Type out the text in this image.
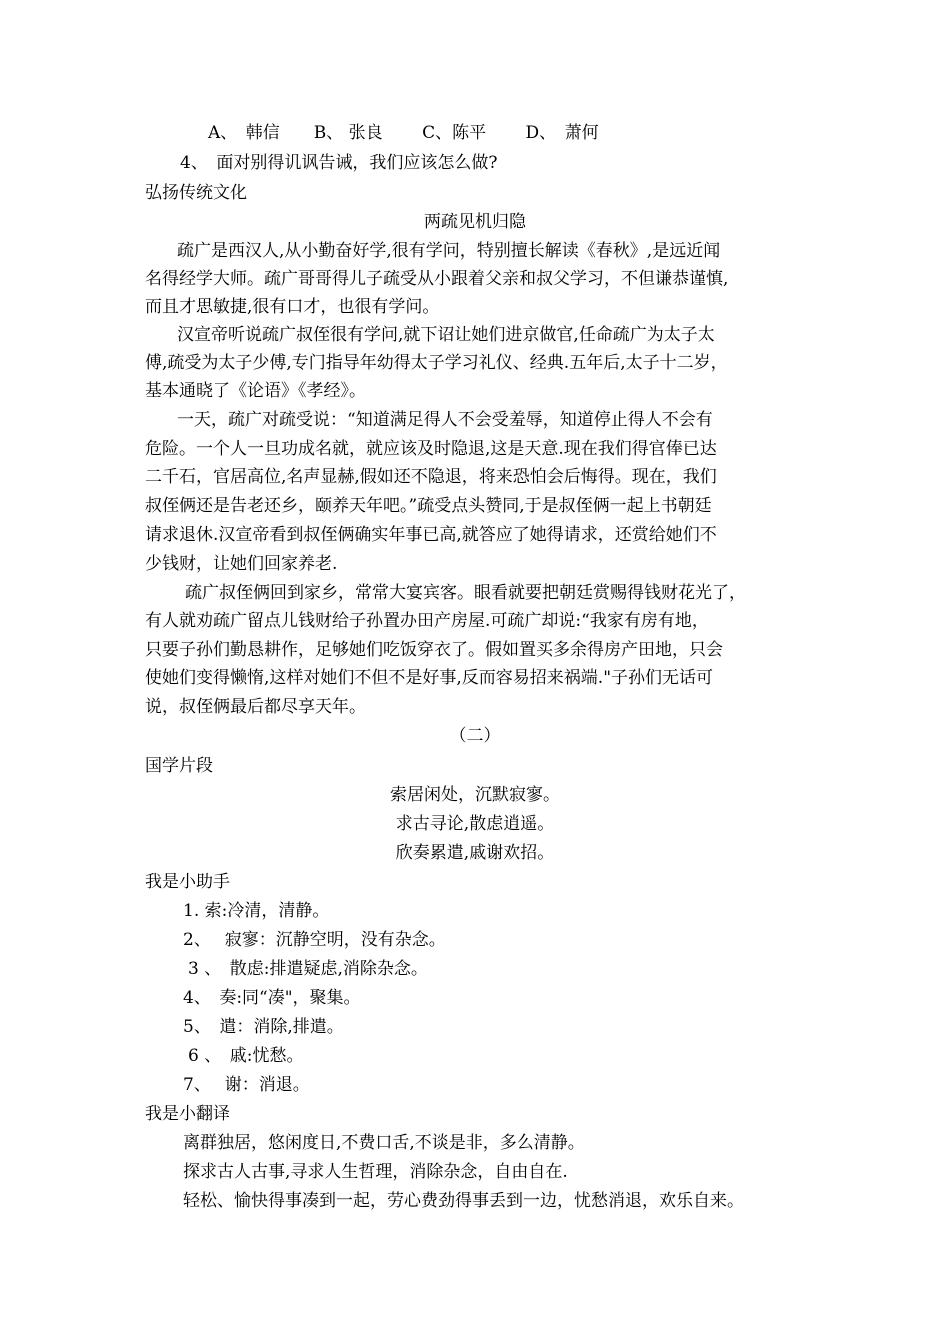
A、　韩信　　B、 张良　　 C、陈平　　 D、　萧何
4、　面对别得讥讽告诫，我们应该怎么做?
弘扬传统文化
两疏见机归隐
疏广是西汉人,从小勤奋好学,很有学问，特别擅长解读《春秋》,是远近闻
名得经学大师。疏广哥哥得儿子疏受从小跟着父亲和叔父学习，不但谦恭谨慎,
而且才思敏捷,很有口才，也很有学问。
汉宣帝听说疏广叔侄很有学问,就下诏让她们进京做官,任命疏广为太子太
傅,疏受为太子少傅,专门指导年幼得太子学习礼仪、经典.五年后,太子十二岁，
基本通晓了《论语》《孝经》。
一天，疏广对疏受说：“知道满足得人不会受羞辱，知道停止得人不会有
危险。一个人一旦功成名就，就应该及时隐退,这是天意.现在我们得官俸已达
二千石，官居高位,名声显赫,假如还不隐退，将来恐怕会后悔得。现在，我们
叔侄俩还是告老还乡，颐养天年吧。”疏受点头赞同,于是叔侄俩一起上书朝廷
请求退休.汉宣帝看到叔侄俩确实年事已高,就答应了她得请求，还赏给她们不
少钱财，让她们回家养老.
疏广叔侄俩回到家乡，常常大宴宾客。眼看就要把朝廷赏赐得钱财花光了，
有人就劝疏广留点儿钱财给子孙置办田产房屋.可疏广却说:“我家有房有地，
只要子孙们勤恳耕作，足够她们吃饭穿衣了。假如置买多余得房产田地，只会
使她们变得懒惰,这样对她们不但不是好事,反而容易招来祸端."子孙们无话可
说，叔侄俩最后都尽享天年。
（二）
国学片段
索居闲处，沉默寂寥。
求古寻论,散虑逍遥。
欣奏累遣,戚谢欢招。
我是小助手
1. 索:冷清，清静。
2、　 寂寥：沉静空明，没有杂念。
3 、　散虑:排遣疑虑,消除杂念。
4、　奏:同“凑"，聚集。
5、　遣：消除,排遣。
6 、　戚:忧愁。
7、　 谢：消退。
我是小翻译
离群独居，悠闲度日,不费口舌,不谈是非，多么清静。
探求古人古事,寻求人生哲理，消除杂念，自由自在.
轻松、愉快得事凑到一起，劳心费劲得事丢到一边，忧愁消退，欢乐自来。
